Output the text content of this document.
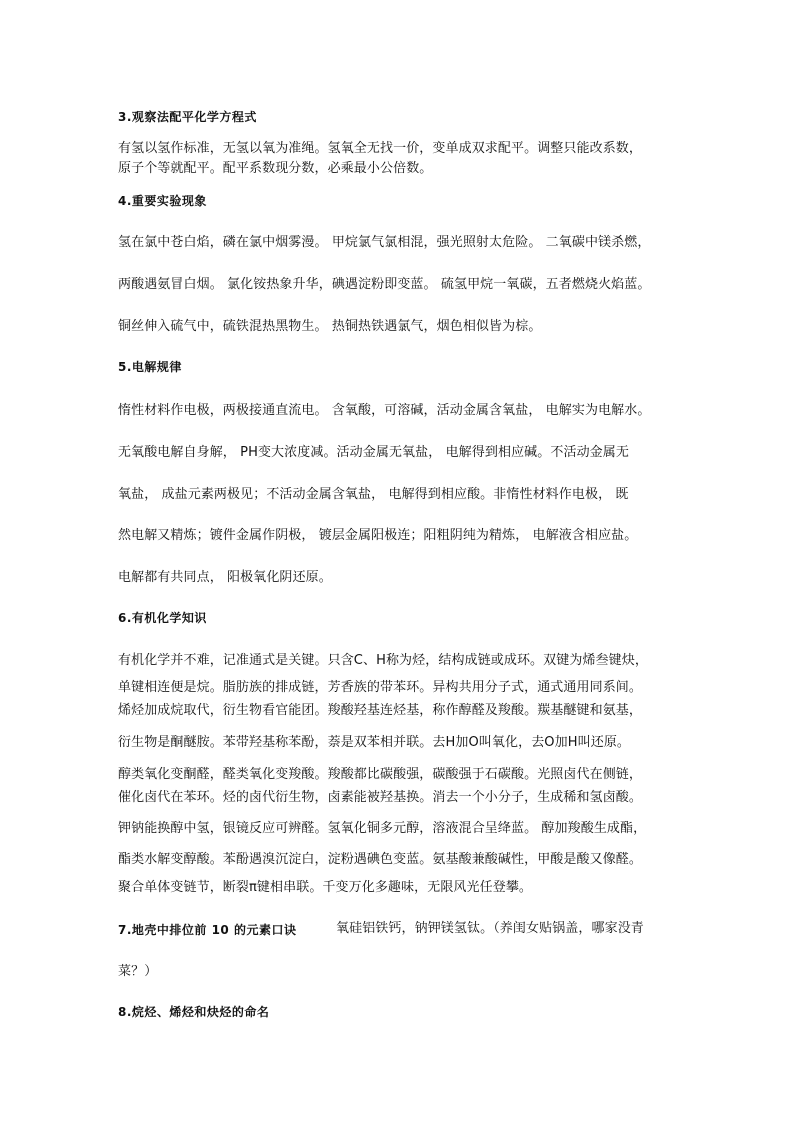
3.观察法配平化学方程式
有氢以氢作标准，无氢以氧为准绳。氢氧全无找一价，变单成双求配平。调整只能改系数，
原子个等就配平。配平系数现分数，必乘最小公倍数。
4.重要实验现象
氢在氯中苍白焰，磷在氯中烟雾漫。 甲烷氯气氯相混，强光照射太危险。 二氧碳中镁杀燃，
两酸遇氨冒白烟。 氯化铵热象升华，碘遇淀粉即变蓝。 硫氢甲烷一氧碳，五者燃烧火焰蓝。
铜丝伸入硫气中，硫铁混热黑物生。 热铜热铁遇氯气，烟色相似皆为棕。
5.电解规律
惰性材料作电极，两极接通直流电。 含氧酸，可溶碱，活动金属含氧盐， 电解实为电解水。
无氧酸电解自身解， PH变大浓度减。活动金属无氧盐， 电解得到相应碱。不活动金属无
氧盐， 成盐元素两极见；不活动金属含氧盐， 电解得到相应酸。非惰性材料作电极， 既
然电解又精炼；镀件金属作阴极， 镀层金属阳极连；阳粗阴纯为精炼， 电解液含相应盐。
电解都有共同点， 阳极氧化阴还原。
6.有机化学知识
有机化学并不难，记准通式是关键。只含C、H称为烃，结构成链或成环。双键为烯叁键炔，
单键相连便是烷。脂肪族的排成链，芳香族的带苯环。异构共用分子式，通式通用同系间。
烯烃加成烷取代，衍生物看官能团。羧酸羟基连烃基，称作醇醛及羧酸。羰基醚键和氨基，
衍生物是酮醚胺。苯带羟基称苯酚，萘是双苯相并联。去H加O叫氧化，去O加H叫还原。
醇类氧化变酮醛，醛类氧化变羧酸。羧酸都比碳酸强，碳酸强于石碳酸。光照卤代在侧链，
催化卤代在苯环。烃的卤代衍生物，卤素能被羟基换。消去一个小分子，生成稀和氢卤酸。
钾钠能换醇中氢，银镜反应可辨醛。氢氧化铜多元醇，溶液混合呈绛蓝。 醇加羧酸生成酯，
酯类水解变醇酸。苯酚遇溴沉淀白，淀粉遇碘色变蓝。氨基酸兼酸碱性，甲酸是酸又像醛。
聚合单体变链节，断裂π键相串联。千变万化多趣味，无限风光任登攀。
7.地壳中排位前 10 的元素口诀	氧硅铝铁钙，钠钾镁氢钛。（养闺女贴锅盖，哪家没青
菜？）
8.烷烃、烯烃和炔烃的命名
